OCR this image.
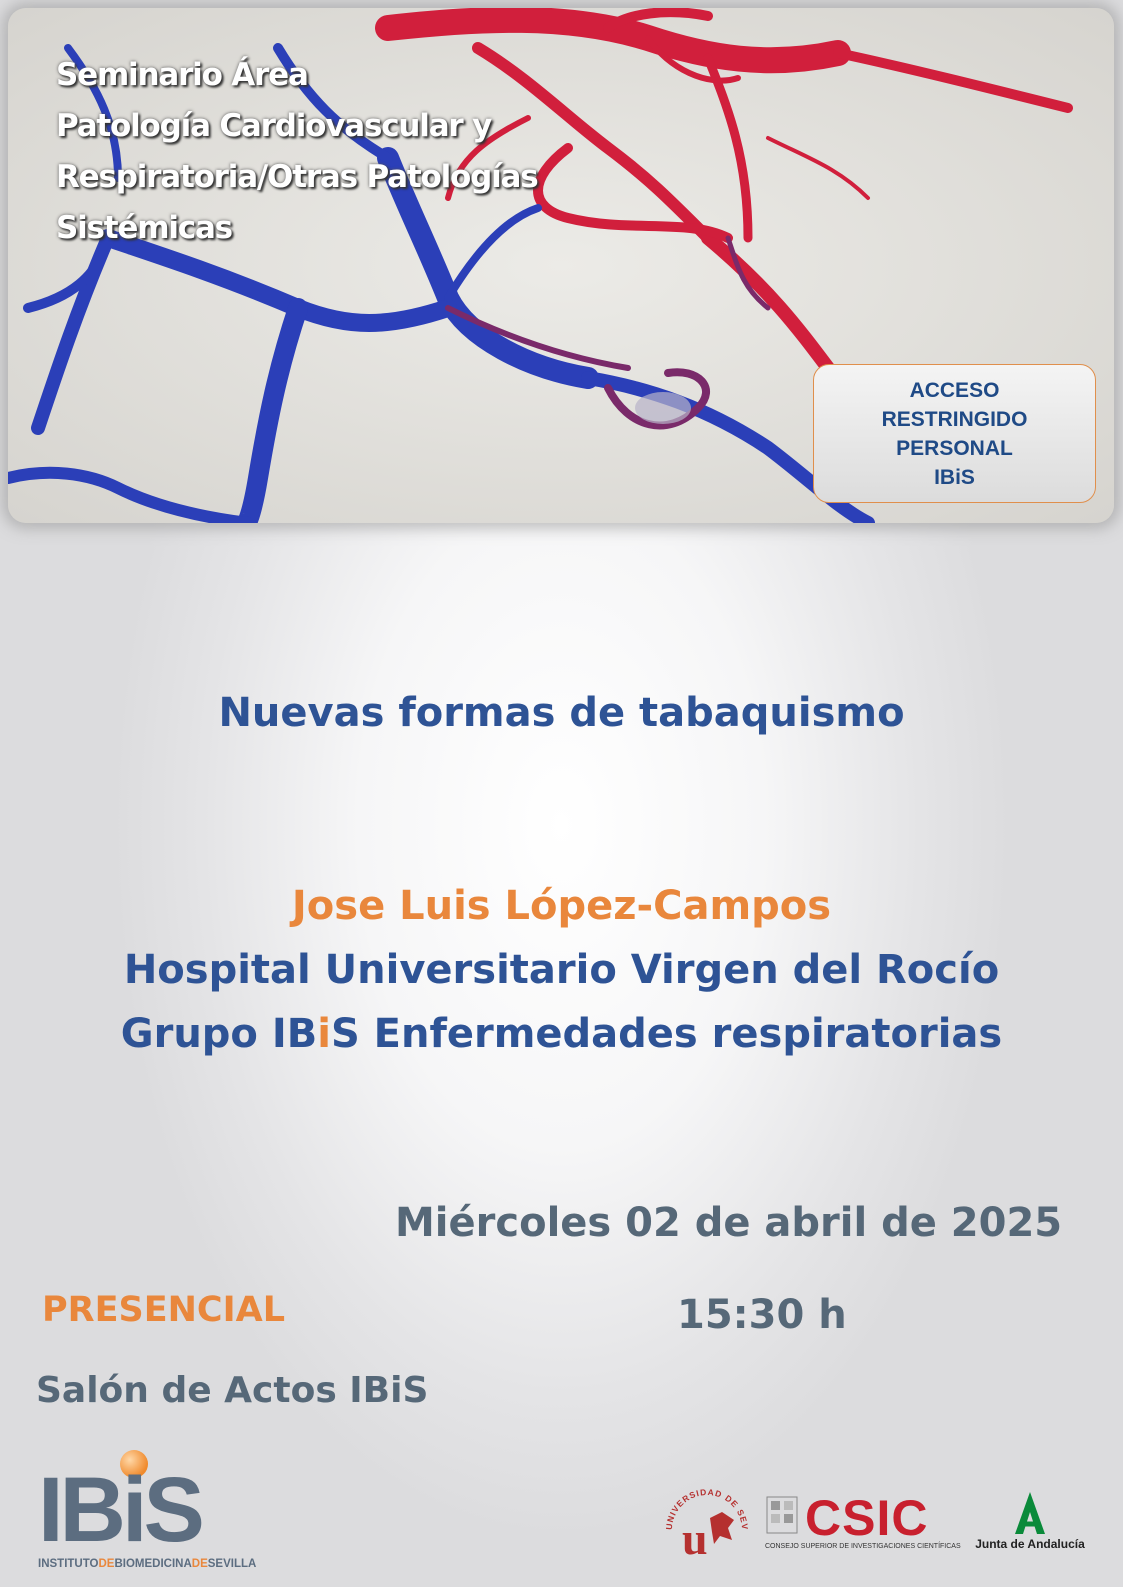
Seminario Área
Patología Cardiovascular y
Respiratoria/Otras Patologías
Sistémicas
ACCESO
RESTRINGIDO
PERSONAL
IBiS
Nuevas formas de tabaquismo
Jose Luis López-Campos
Hospital Universitario Virgen del Rocío
Grupo IBiS Enfermedades respiratorias
Miércoles 02 de abril de 2025
15:30 h
PRESENCIAL
Salón de Actos IBiS
IBiS
INSTITUTODEBIOMEDICINADESEVILLA
UNIVERSIDAD DE SEV
u CSIC
CONSEJO SUPERIOR DE INVESTIGACIONES CIENTÍFICAS Junta de Andalucía
